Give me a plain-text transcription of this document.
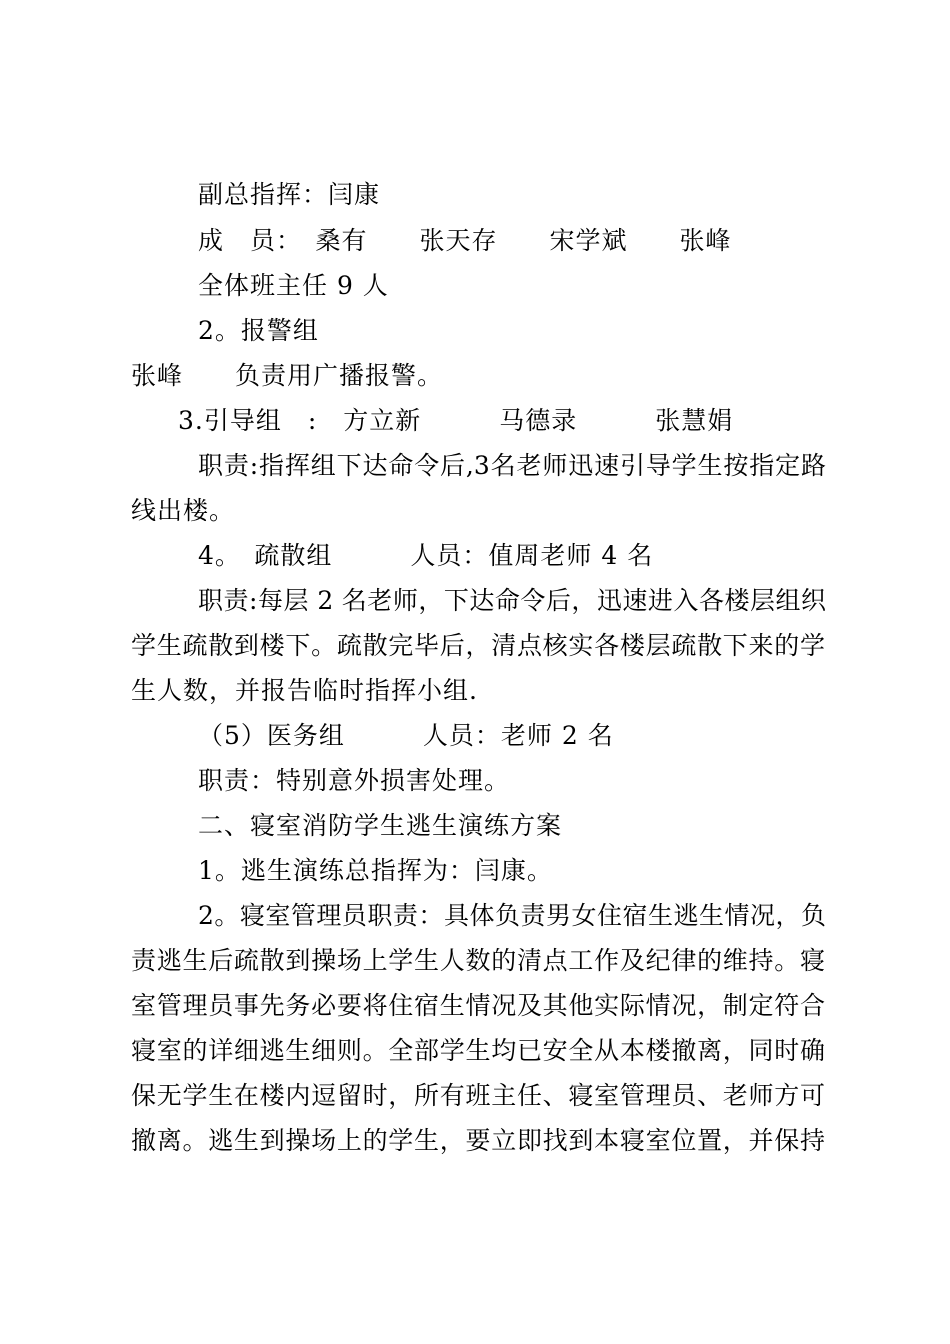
副总指挥：闫康
成　员：　桑有　　张天存　　宋学斌　　张峰
全体班主任 9 人
2。报警组
张峰　　负责用广播报警。
3.引导组　:　方立新　　　马德录　　　张慧娟
职责:指挥组下达命令后,3名老师迅速引导学生按指定路
线出楼。
4。　疏散组　　　人员：值周老师 4 名
职责:每层 2 名老师，下达命令后，迅速进入各楼层组织
学生疏散到楼下。疏散完毕后，清点核实各楼层疏散下来的学
生人数，并报告临时指挥小组.
（5）医务组　　　人员：老师 2 名
职责：特别意外损害处理。
二、寝室消防学生逃生演练方案
1。逃生演练总指挥为：闫康。
2。寝室管理员职责：具体负责男女住宿生逃生情况，负
责逃生后疏散到操场上学生人数的清点工作及纪律的维持。寝
室管理员事先务必要将住宿生情况及其他实际情况，制定符合
寝室的详细逃生细则。全部学生均已安全从本楼撤离，同时确
保无学生在楼内逗留时，所有班主任、寝室管理员、老师方可
撤离。逃生到操场上的学生，要立即找到本寝室位置，并保持
